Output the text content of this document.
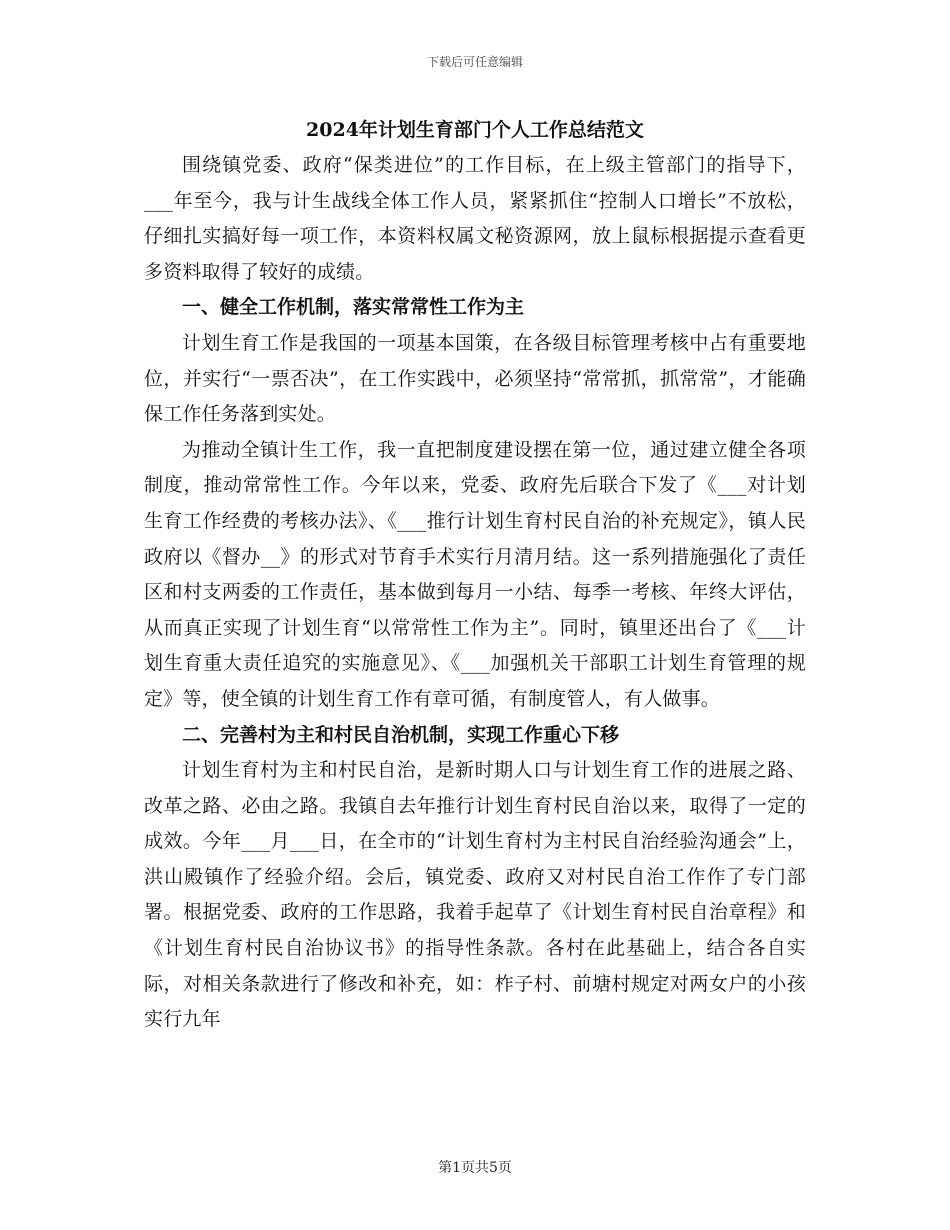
下载后可任意编辑
2024年计划生育部门个人工作总结范文

围绕镇党委、政府“保类进位”的工作目标，在上级主管部门的指导下，___年至今，我与计生战线全体工作人员，紧紧抓住“控制人口增长”不放松，仔细扎实搞好每一项工作，本资料权属文秘资源网，放上鼠标根据提示查看更多资料取得了较好的成绩。

一、健全工作机制，落实常常性工作为主

计划生育工作是我国的一项基本国策，在各级目标管理考核中占有重要地位，并实行“一票否决”，在工作实践中，必须坚持“常常抓，抓常常”，才能确保工作任务落到实处。

为推动全镇计生工作，我一直把制度建设摆在第一位，通过建立健全各项制度，推动常常性工作。今年以来，党委、政府先后联合下发了《___对计划生育工作经费的考核办法》、《___推行计划生育村民自治的补充规定》，镇人民政府以《督办__》的形式对节育手术实行月清月结。这一系列措施强化了责任区和村支两委的工作责任，基本做到每月一小结、每季一考核、年终大评估，从而真正实现了计划生育“以常常性工作为主”。同时，镇里还出台了《___计划生育重大责任追究的实施意见》、《___加强机关干部职工计划生育管理的规定》等，使全镇的计划生育工作有章可循，有制度管人，有人做事。

二、完善村为主和村民自治机制，实现工作重心下移

计划生育村为主和村民自治，是新时期人口与计划生育工作的进展之路、改革之路、必由之路。我镇自去年推行计划生育村民自治以来，取得了一定的成效。今年___月___日，在全市的“计划生育村为主村民自治经验沟通会”上，洪山殿镇作了经验介绍。会后，镇党委、政府又对村民自治工作作了专门部署。根据党委、政府的工作思路，我着手起草了《计划生育村民自治章程》和《计划生育村民自治协议书》的指导性条款。各村在此基础上，结合各自实际，对相关条款进行了修改和补充，如：柞子村、前塘村规定对两女户的小孩实行九年

第1页共5页
